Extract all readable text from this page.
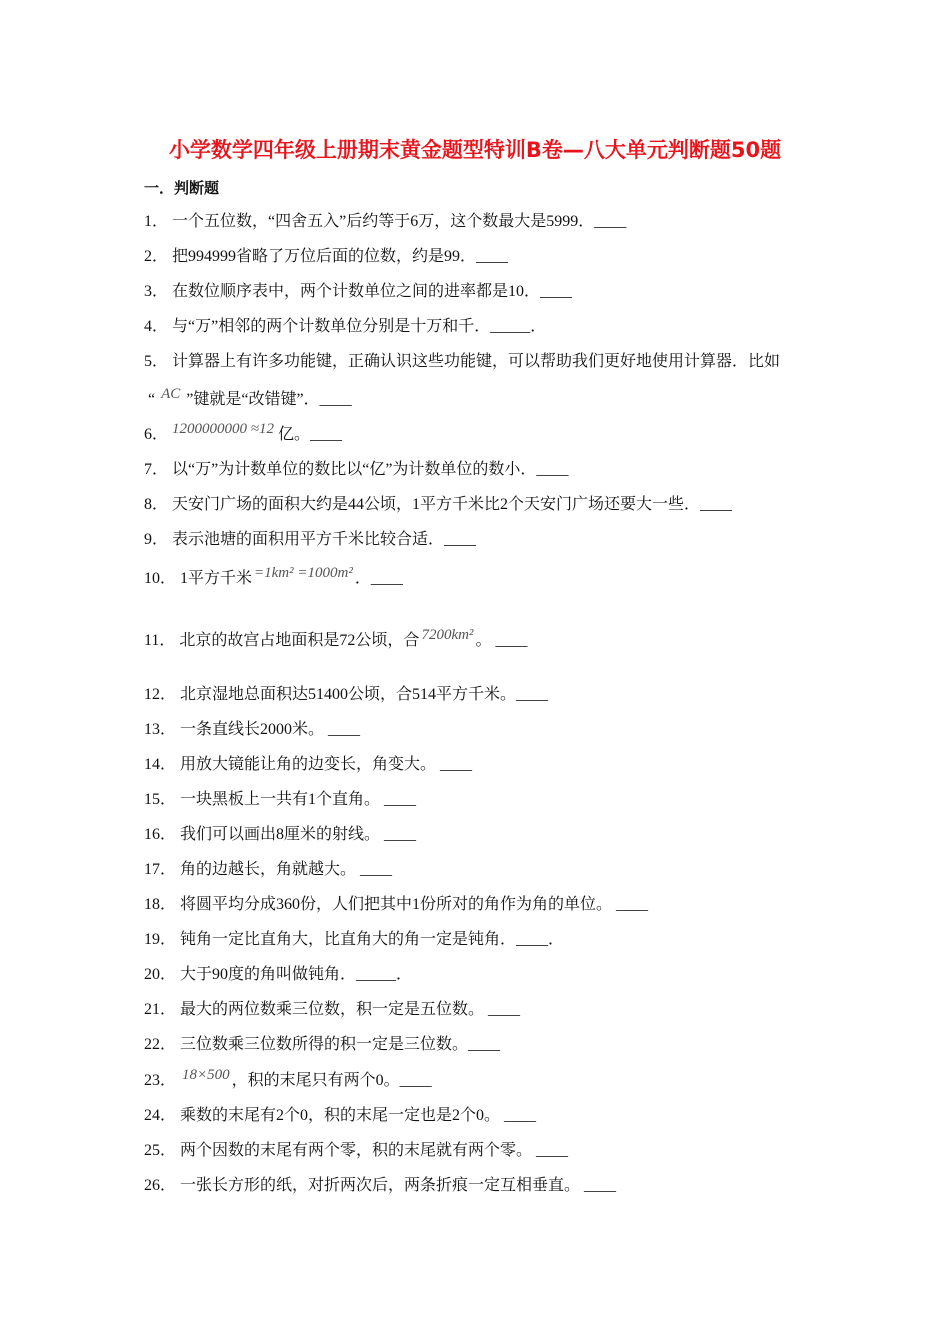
小学数学四年级上册期末黄金题型特训B卷—八大单元判断题50题
一．判断题
1． 一个五位数，“四舍五入”后约等于6万，这个数最大是5999．____
2． 把994999省略了万位后面的位数，约是99．____
3． 在数位顺序表中，两个计数单位之间的进率都是10．____
4． 与“万”相邻的两个计数单位分别是十万和千．_____．
5． 计算器上有许多功能键，正确认识这些功能键，可以帮助我们更好地使用计算器．比如
“ AC ”键就是“改错键”．____
6． 1200000000 ≈12 亿。____
7． 以“万”为计数单位的数比以“亿”为计数单位的数小．____
8． 天安门广场的面积大约是44公顷，1平方千米比2个天安门广场还要大一些．____
9． 表示池塘的面积用平方千米比较合适．____
10． 1平方千米 =1km² =1000m² ．____
11． 北京的故宫占地面积是72公顷，合 7200km² 。 ____
12． 北京湿地总面积达51400公顷，合514平方千米。____
13． 一条直线长2000米。 ____
14． 用放大镜能让角的边变长，角变大。 ____
15． 一块黑板上一共有1个直角。 ____
16． 我们可以画出8厘米的射线。 ____
17． 角的边越长，角就越大。 ____
18． 将圆平均分成360份，人们把其中1份所对的角作为角的单位。 ____
19． 钝角一定比直角大，比直角大的角一定是钝角．____．
20． 大于90度的角叫做钝角．_____．
21． 最大的两位数乘三位数，积一定是五位数。 ____
22． 三位数乘三位数所得的积一定是三位数。____
23． 18×500 ，积的末尾只有两个0。____
24． 乘数的末尾有2个0，积的末尾一定也是2个0。 ____
25． 两个因数的末尾有两个零，积的末尾就有两个零。 ____
26． 一张长方形的纸，对折两次后，两条折痕一定互相垂直。 ____
